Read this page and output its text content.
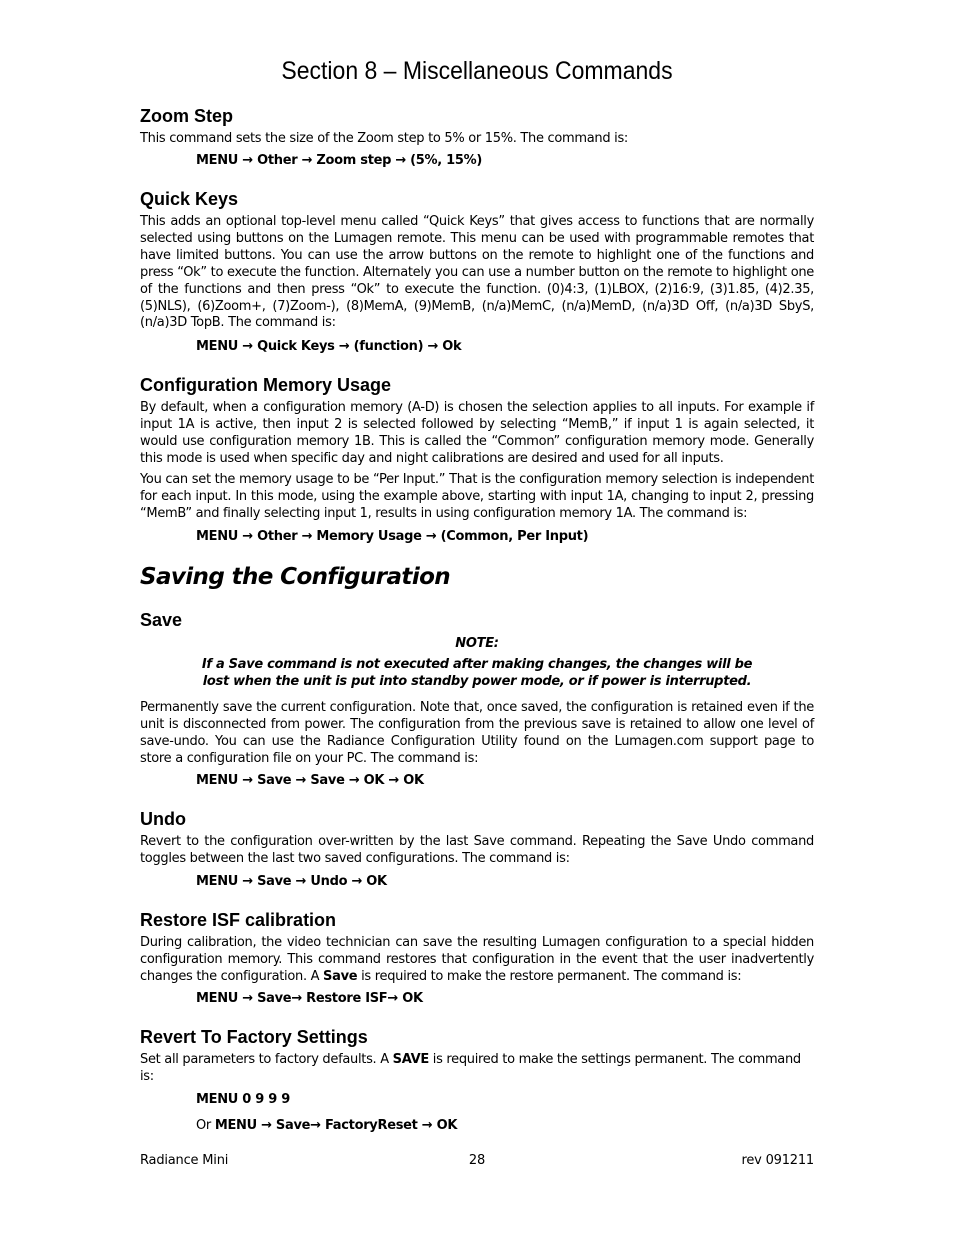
Section 8 – Miscellaneous Commands
Zoom Step

This command sets the size of the Zoom step to 5% or 15%. The command is:

MENU → Other → Zoom step → (5%, 15%)

Quick Keys

This adds an optional top-level menu called “Quick Keys” that gives access to functions that are normally selected using buttons on the Lumagen remote. This menu can be used with programmable remotes that have limited buttons. You can use the arrow buttons on the remote to highlight one of the functions and press “Ok” to execute the function. Alternately you can use a number button on the remote to highlight one of the functions and then press “Ok” to execute the function. (0)4:3, (1)LBOX, (2)16:9, (3)1.85, (4)2.35, (5)NLS), (6)Zoom+, (7)Zoom-), (8)MemA, (9)MemB, (n/a)MemC, (n/a)MemD, (n/a)3D Off, (n/a)3D SbyS, (n/a)3D TopB. The command is:

MENU → Quick Keys → (function) → Ok

Configuration Memory Usage

By default, when a configuration memory (A-D) is chosen the selection applies to all inputs. For example if input 1A is active, then input 2 is selected followed by selecting “MemB,” if input 1 is again selected, it would use configuration memory 1B. This is called the “Common” configuration memory mode. Generally this mode is used when specific day and night calibrations are desired and used for all inputs.

You can set the memory usage to be “Per Input.” That is the configuration memory selection is independent for each input. In this mode, using the example above, starting with input 1A, changing to input 2, pressing “MemB” and finally selecting input 1, results in using configuration memory 1A. The command is:

MENU → Other → Memory Usage → (Common, Per Input)

Saving the Configuration
Save

NOTE:

If a Save command is not executed after making changes, the changes will be

lost when the unit is put into standby power mode, or if power is interrupted.

Permanently save the current configuration. Note that, once saved, the configuration is retained even if the unit is disconnected from power. The configuration from the previous save is retained to allow one level of save-undo. You can use the Radiance Configuration Utility found on the Lumagen.com support page to store a configuration file on your PC. The command is:

MENU → Save → Save → OK → OK

Undo

Revert to the configuration over-written by the last Save command. Repeating the Save Undo command toggles between the last two saved configurations. The command is:

MENU → Save → Undo → OK

Restore ISF calibration

During calibration, the video technician can save the resulting Lumagen configuration to a special hidden configuration memory. This command restores that configuration in the event that the user inadvertently changes the configuration. A Save is required to make the restore permanent. The command is:

MENU → Save→ Restore ISF→ OK

Revert To Factory Settings

Set all parameters to factory defaults. A SAVE is required to make the settings permanent. The command is:

MENU 0 9 9 9

Or MENU → Save→ FactoryReset → OK

Radiance Mini	28	rev 091211
